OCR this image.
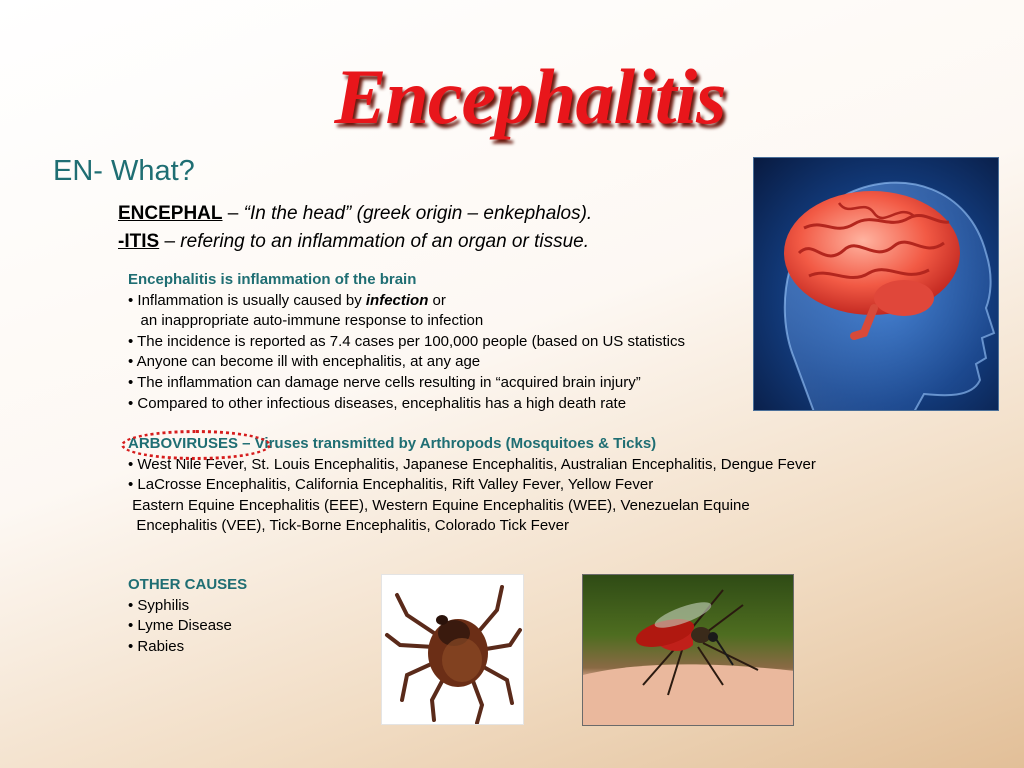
Encephalitis
EN- What?
ENCEPHAL – “In the head” (greek origin – enkephalos).
-ITIS – refering to an inflammation of an organ or tissue.
Encephalitis is inflammation of the brain
• Inflammation is usually caused by infection or
an inappropriate auto-immune response to infection
• The incidence is reported as 7.4 cases per 100,000 people (based on US statistics
• Anyone can become ill with encephalitis, at any age
• The inflammation can damage nerve cells resulting in “acquired brain injury”
• Compared to other infectious diseases, encephalitis has a high death rate
ARBOVIRUSES – Viruses transmitted by Arthropods (Mosquitoes & Ticks)
• West Nile Fever, St. Louis Encephalitis, Japanese Encephalitis, Australian Encephalitis, Dengue Fever
• LaCrosse Encephalitis, California Encephalitis, Rift Valley Fever, Yellow Fever
Eastern Equine Encephalitis (EEE), Western Equine Encephalitis (WEE), Venezuelan Equine
Encephalitis (VEE), Tick-Borne Encephalitis, Colorado Tick Fever
OTHER CAUSES
• Syphilis
• Lyme Disease
• Rabies
